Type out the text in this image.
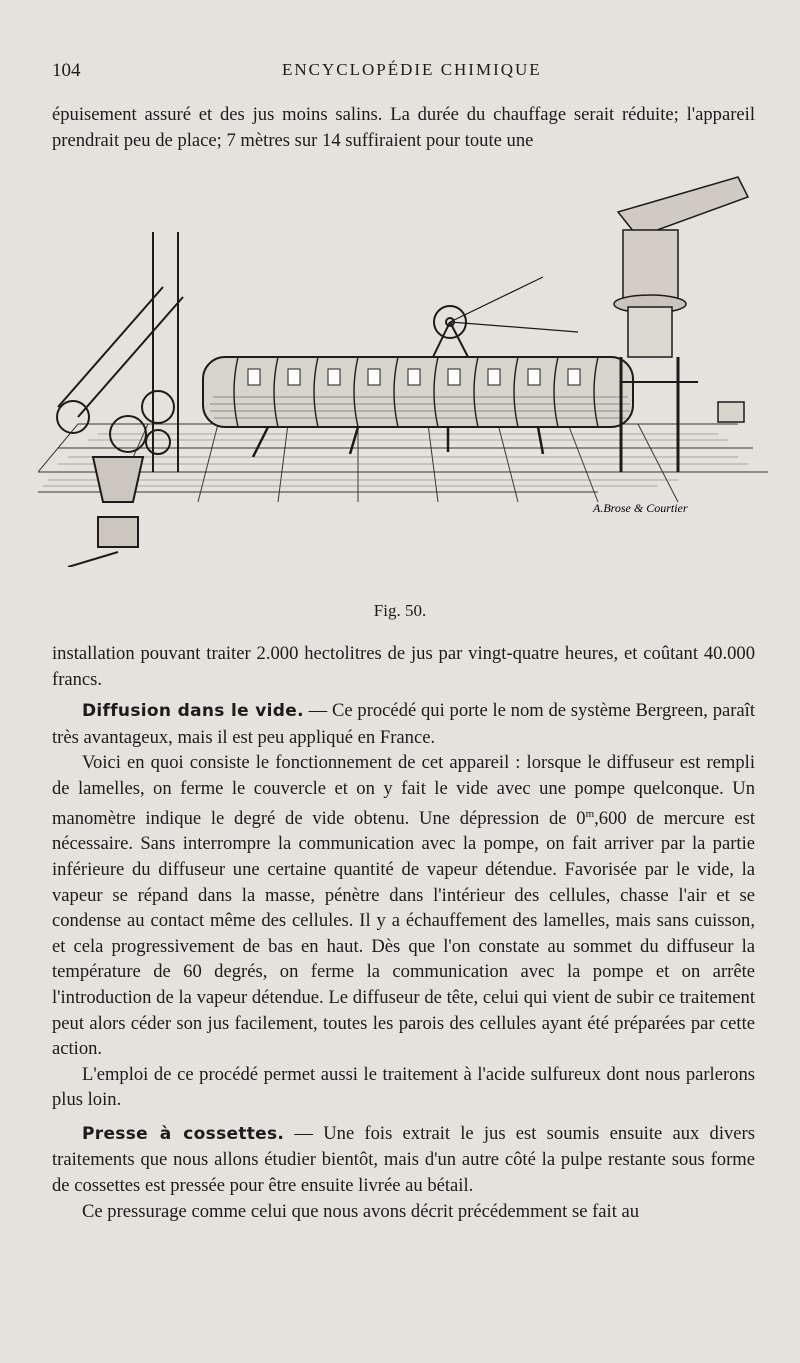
104	ENCYCLOPÉDIE CHIMIQUE

épuisement assuré et des jus moins salins. La durée du chauffage serait réduite; l'appareil prendrait peu de place; 7 mètres sur 14 suffiraient pour toute une

A.Brose & Courtier
Fig. 50.

installation pouvant traiter 2.000 hectolitres de jus par vingt-quatre heures, et coûtant 40.000 francs.

Diffusion dans le vide. — Ce procédé qui porte le nom de système Bergreen, paraît très avantageux, mais il est peu appliqué en France.

Voici en quoi consiste le fonctionnement de cet appareil : lorsque le diffuseur est rempli de lamelles, on ferme le couvercle et on y fait le vide avec une pompe quelconque. Un manomètre indique le degré de vide obtenu. Une dépression de 0$^m$,600 de mercure est nécessaire. Sans interrompre la communication avec la pompe, on fait arriver par la partie inférieure du diffuseur une certaine quantité de vapeur détendue. Favorisée par le vide, la vapeur se répand dans la masse, pénètre dans l'intérieur des cellules, chasse l'air et se condense au contact même des cellules. Il y a échauffement des lamelles, mais sans cuisson, et cela progressivement de bas en haut. Dès que l'on constate au sommet du diffuseur la température de 60 degrés, on ferme la communication avec la pompe et on arrête l'introduction de la vapeur détendue. Le diffuseur de tête, celui qui vient de subir ce traitement peut alors céder son jus facilement, toutes les parois des cellules ayant été préparées par cette action.

L'emploi de ce procédé permet aussi le traitement à l'acide sulfureux dont nous parlerons plus loin.

Presse à cossettes. — Une fois extrait le jus est soumis ensuite aux divers traitements que nous allons étudier bientôt, mais d'un autre côté la pulpe restante sous forme de cossettes est pressée pour être ensuite livrée au bétail.

Ce pressurage comme celui que nous avons décrit précédemment se fait au
